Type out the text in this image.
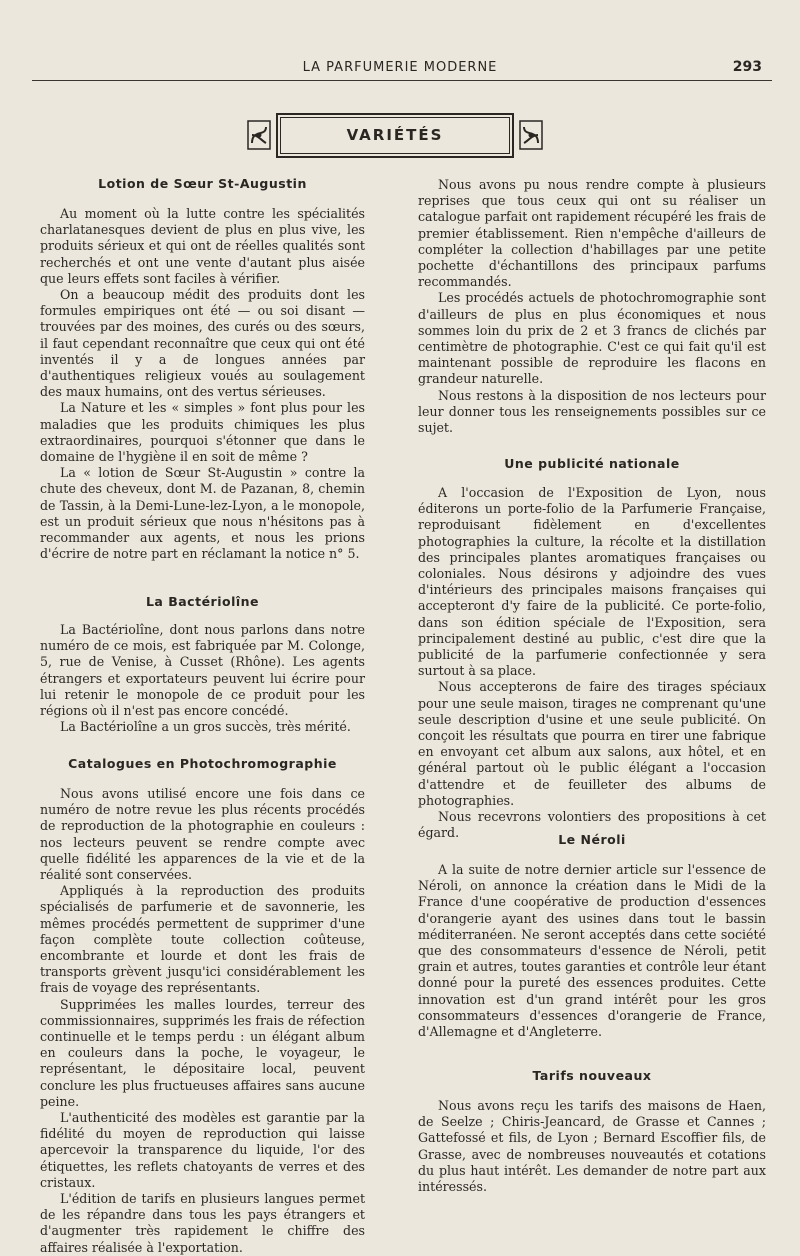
LA PARFUMERIE MODERNE	293
VARIÉTÉS
Lotion de Sœur St-Augustin

Au moment où la lutte contre les spécialités charlatanesques devient de plus en plus vive, les produits sérieux et qui ont de réelles qualités sont recherchés et ont une vente d'autant plus aisée que leurs effets sont faciles à vérifier.

On a beaucoup médit des produits dont les formules empiriques ont été — ou soi disant — trouvées par des moines, des curés ou des sœurs, il faut cependant reconnaître que ceux qui ont été inventés il y a de longues années par d'authentiques religieux voués au soulagement des maux humains, ont des vertus sérieuses.

La Nature et les « simples » font plus pour les maladies que les produits chimiques les plus extraordinaires, pourquoi s'étonner que dans le domaine de l'hygiène il en soit de même ?

La « lotion de Sœur St-Augustin » contre la chute des cheveux, dont M. de Pazanan, 8, chemin de Tassin, à la Demi-Lune-lez-Lyon, a le monopole, est un produit sérieux que nous n'hésitons pas à recommander aux agents, et nous les prions d'écrire de notre part en réclamant la notice n° 5.

La Bactériolîne

La Bactériolîne, dont nous parlons dans notre numéro de ce mois, est fabriquée par M. Colonge, 5, rue de Venise, à Cusset (Rhône). Les agents étrangers et exportateurs peuvent lui écrire pour lui retenir le monopole de ce produit pour les régions où il n'est pas encore concédé.

La Bactériolîne a un gros succès, très mérité.

Catalogues en Photochromographie

Nous avons utilisé encore une fois dans ce numéro de notre revue les plus récents procédés de reproduction de la photographie en couleurs : nos lecteurs peuvent se rendre compte avec quelle fidélité les apparences de la vie et de la réalité sont conservées.

Appliqués à la reproduction des produits spécialisés de parfumerie et de savonnerie, les mêmes procédés permettent de supprimer d'une façon complète toute collection coûteuse, encombrante et lourde et dont les frais de transports grèvent jusqu'ici considérablement les frais de voyage des représentants.

Supprimées les malles lourdes, terreur des commissionnaires, supprimés les frais de réfection continuelle et le temps perdu : un élégant album en couleurs dans la poche, le voyageur, le représentant, le dépositaire local, peuvent conclure les plus fructueuses affaires sans aucune peine.

L'authenticité des modèles est garantie par la fidélité du moyen de reproduction qui laisse apercevoir la transparence du liquide, l'or des étiquettes, les reflets chatoyants de verres et des cristaux.

L'édition de tarifs en plusieurs langues permet de les répandre dans tous les pays étrangers et d'augmenter très rapidement le chiffre des affaires réalisée à l'exportation.

Nous avons pu nous rendre compte à plusieurs reprises que tous ceux qui ont su réaliser un catalogue parfait ont rapidement récupéré les frais de premier établissement. Rien n'empêche d'ailleurs de compléter la collection d'habillages par une petite pochette d'échantillons des principaux parfums recommandés.

Les procédés actuels de photochromographie sont d'ailleurs de plus en plus économiques et nous sommes loin du prix de 2 et 3 francs de clichés par centimètre de photographie. C'est ce qui fait qu'il est maintenant possible de reproduire les flacons en grandeur naturelle.

Nous restons à la disposition de nos lecteurs pour leur donner tous les renseignements possibles sur ce sujet.

Une publicité nationale

A l'occasion de l'Exposition de Lyon, nous éditerons un porte-folio de la Parfumerie Française, reproduisant fidèlement en d'excellentes photographies la culture, la récolte et la distillation des principales plantes aromatiques françaises ou coloniales. Nous désirons y adjoindre des vues d'intérieurs des principales maisons françaises qui accepteront d'y faire de la publicité. Ce porte-folio, dans son édition spéciale de l'Exposition, sera principalement destiné au public, c'est dire que la publicité de la parfumerie confectionnée y sera surtout à sa place.

Nous accepterons de faire des tirages spéciaux pour une seule maison, tirages ne comprenant qu'une seule description d'usine et une seule publicité. On conçoit les résultats que pourra en tirer une fabrique en envoyant cet album aux salons, aux hôtel, et en général partout où le public élégant a l'occasion d'attendre et de feuilleter des albums de photographies.

Nous recevrons volontiers des propositions à cet égard.	Le Néroli

A la suite de notre dernier article sur l'essence de Néroli, on annonce la création dans le Midi de la France d'une coopérative de production d'essences d'orangerie ayant des usines dans tout le bassin méditerranéen. Ne seront acceptés dans cette société que des consommateurs d'essence de Néroli, petit grain et autres, toutes garanties et contrôle leur étant donné pour la pureté des essences produites. Cette innovation est d'un grand intérêt pour les gros consommateurs d'essences d'orangerie de France, d'Allemagne et d'Angleterre.

Tarifs nouveaux

Nous avons reçu les tarifs des maisons de Haen, de Seelze ; Chiris-Jeancard, de Grasse et Cannes ; Gattefossé et fils, de Lyon ; Bernard Escoffier fils, de Grasse, avec de nombreuses nouveautés et cotations du plus haut intérêt. Les demander de notre part aux intéressés.
